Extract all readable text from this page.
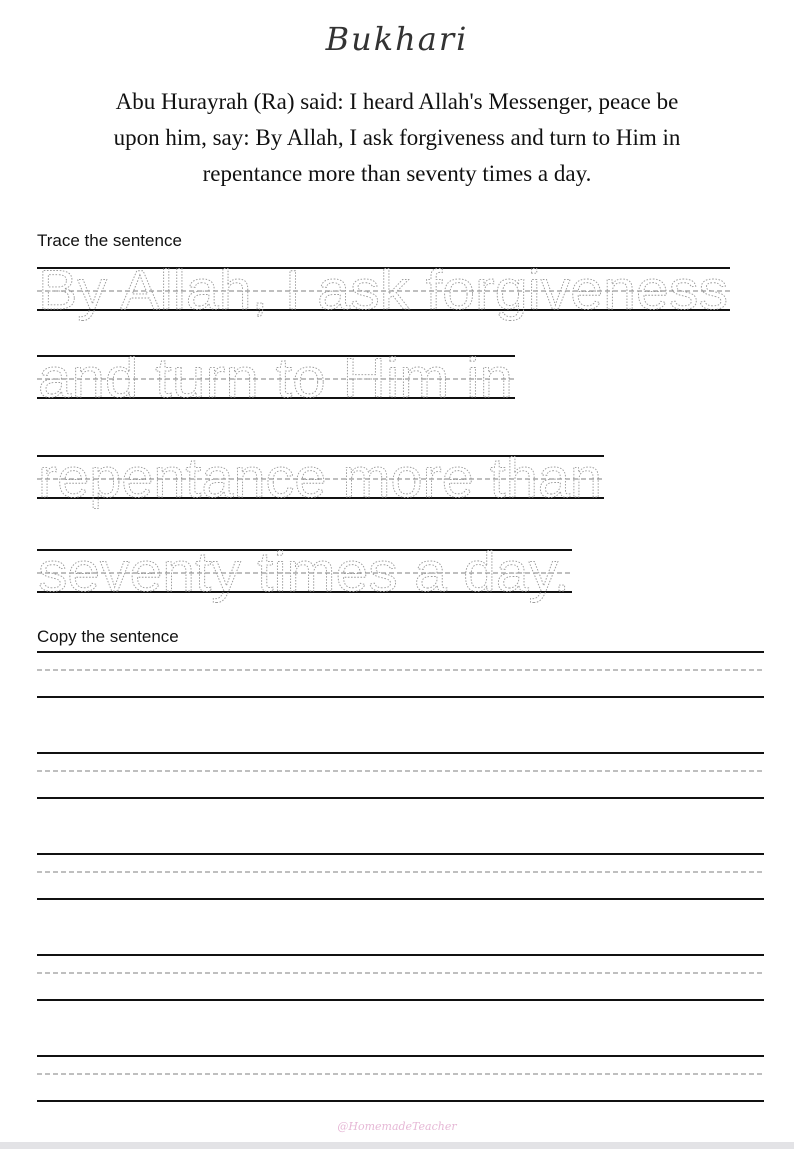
Bukhari
Abu Hurayrah (Ra) said: I heard Allah's Messenger, peace be upon him, say: By Allah, I ask forgiveness and turn to Him in repentance more than seventy times a day.
Trace the sentence
Copy the sentence
By Allah, I ask forgiveness
and turn to Him in
repentance more than
seventy times a day.
@HomemadeTeacher
